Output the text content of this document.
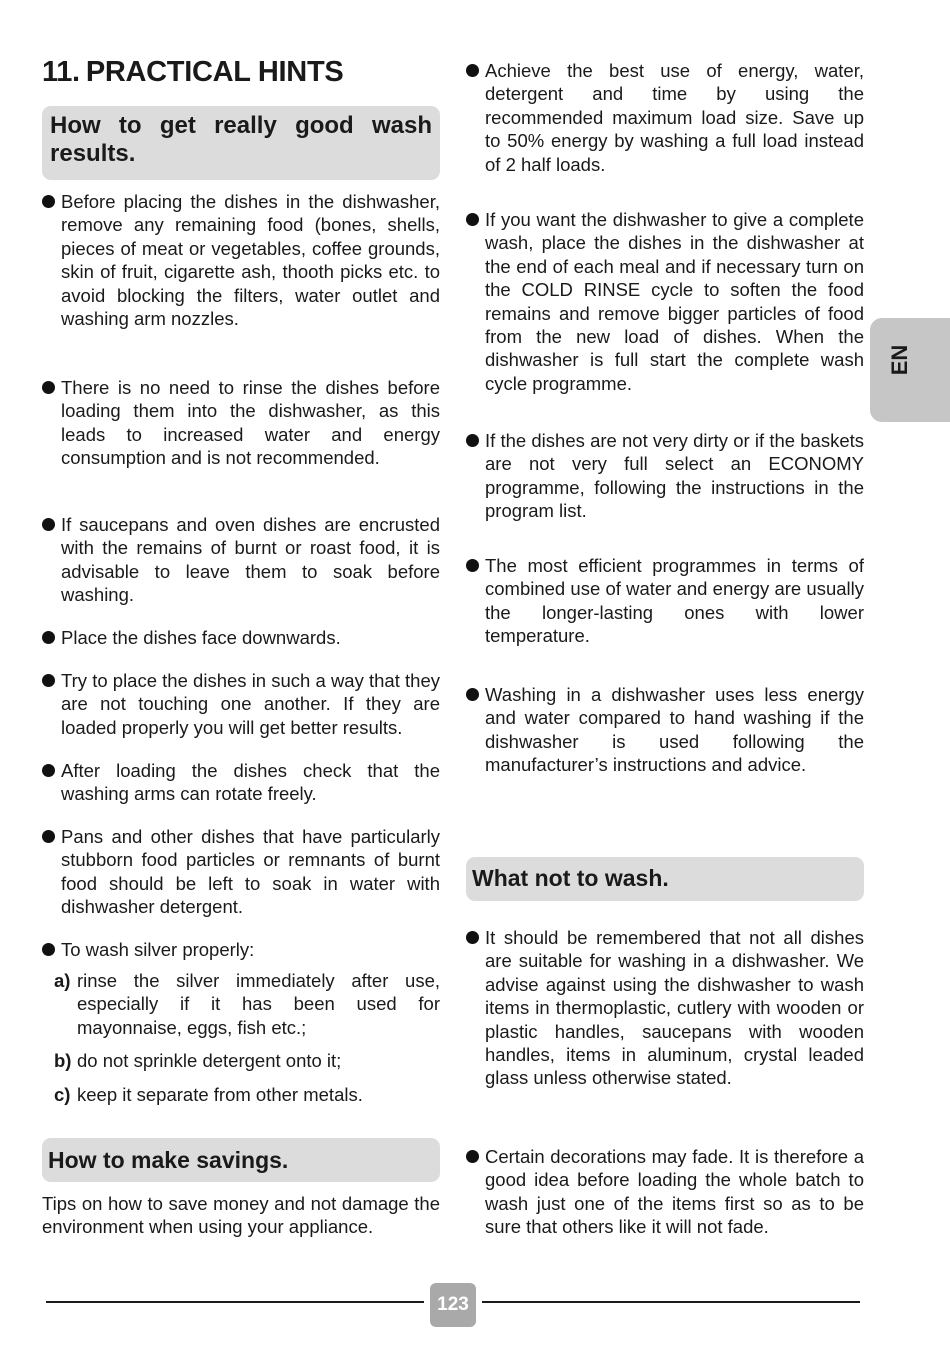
11. PRACTICAL HINTS
How to get really good wash results.
Before placing the dishes in the dishwasher, remove any remaining food (bones, shells, pieces of meat or vegetables, coffee grounds, skin of fruit, cigarette ash, thooth picks etc. to avoid blocking the filters, water outlet and washing arm nozzles.
There is no need to rinse the dishes before loading them into the dishwasher, as this leads to increased water and energy consumption and is not recommended.
If saucepans and oven dishes are encrusted with the remains of burnt or roast food, it is advisable to leave them to soak before washing.
Place the dishes face downwards.
Try to place the dishes in such a way that they are not touching one another. If they are loaded properly you will get better results.
After loading the dishes check that the washing arms can rotate freely.
Pans and other dishes that have particularly stubborn food particles or remnants of burnt food should be left to soak in water with dishwasher detergent.
To wash silver properly:
a) rinse the silver immediately after use, especially if it has been used for mayonnaise, eggs, fish etc.;
b) do not sprinkle detergent onto it;
c) keep it separate from other metals.
How to make savings.
Tips on how to save money and not damage the environment when using your appliance.
Achieve the best use of energy, water, detergent and time by using the recommended maximum load size. Save up to 50% energy by washing a full load instead of 2 half loads.
If you want the dishwasher to give a complete wash, place the dishes in the dishwasher at the end of each meal and if necessary turn on the COLD RINSE cycle to soften the food remains and remove bigger particles of food from the new load of dishes. When the dishwasher is full start the complete wash cycle programme.
If the dishes are not very dirty or if the baskets are not very full select an ECONOMY programme, following the instructions in the program list.
The most efficient programmes in terms of combined use of water and energy are usually the longer-lasting ones with lower temperature.
Washing in a dishwasher uses less energy and water compared to hand washing if the dishwasher is used following the manufacturer’s instructions and advice.
What not to wash.
It should be remembered that not all dishes are suitable for washing in a dishwasher. We advise against using the dishwasher to wash items in thermoplastic, cutlery with wooden or plastic handles, saucepans with wooden handles, items in aluminum, crystal leaded glass unless otherwise stated.
Certain decorations may fade. It is therefore a good idea before loading the whole batch to wash just one of the items first so as to be sure that others like it will not fade.
EN
123
